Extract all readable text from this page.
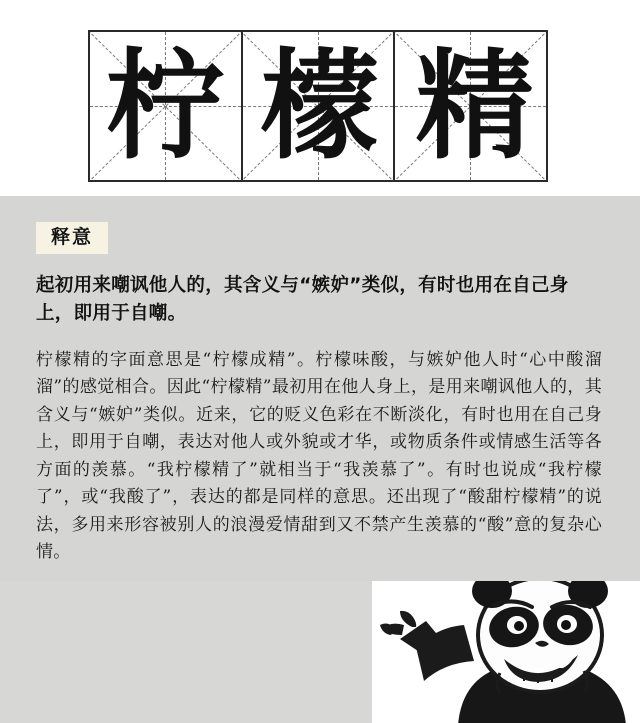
柠 檬 精
释意
起初用来嘲讽他人的，其含义与“嫉妒”类似，有时也用在自己身上，即用于自嘲。
柠檬精的字面意思是“柠檬成精”。柠檬味酸，与嫉妒他人时“心中酸溜溜”的感觉相合。因此“柠檬精”最初用在他人身上，是用来嘲讽他人的，其含义与“嫉妒”类似。近来，它的贬义色彩在不断淡化，有时也用在自己身上，即用于自嘲，表达对他人或外貌或才华，或物质条件或情感生活等各方面的羡慕。“我柠檬精了”就相当于“我羡慕了”。有时也说成“我柠檬了”，或“我酸了”，表达的都是同样的意思。还出现了“酸甜柠檬精”的说法，多用来形容被别人的浪漫爱情甜到又不禁产生羡慕的“酸”意的复杂心情。
